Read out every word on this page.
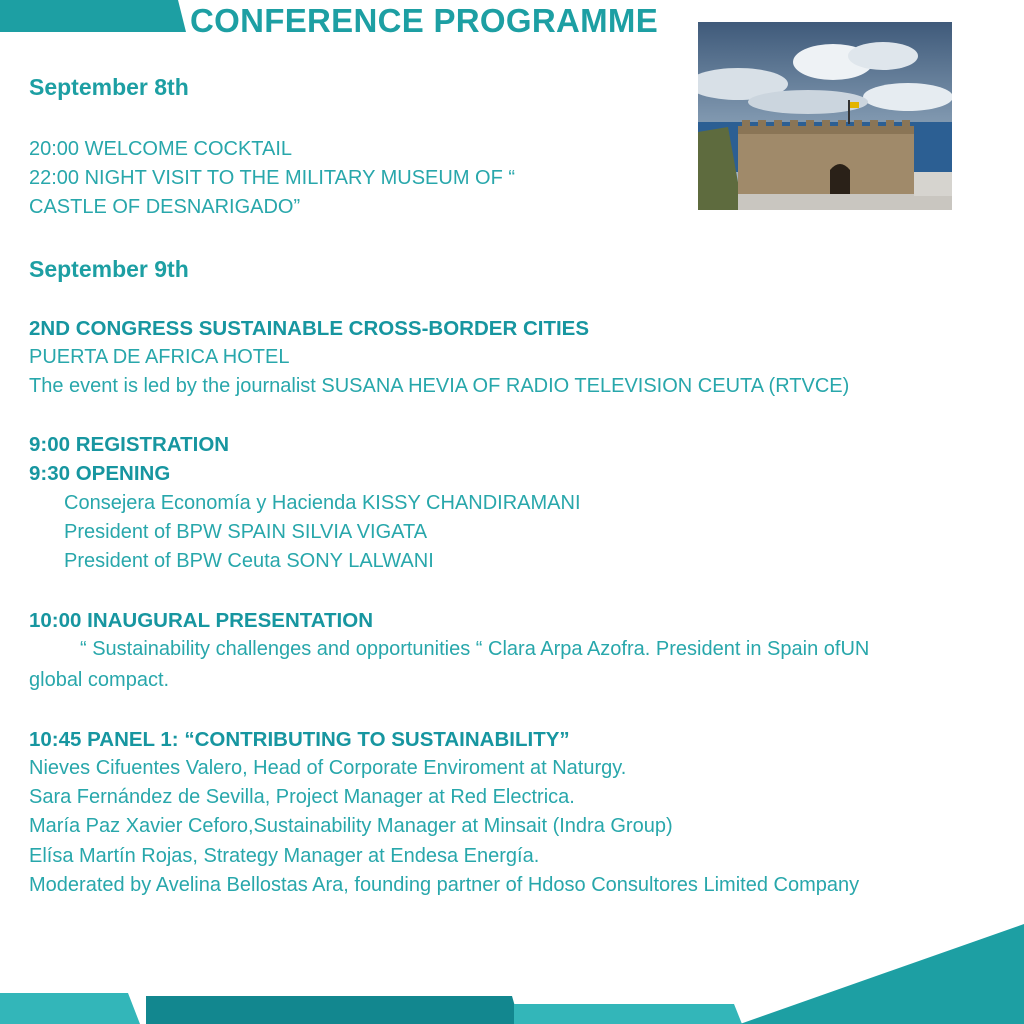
CONFERENCE PROGRAMME
September 8th
20:00 WELCOME COCKTAIL
22:00 NIGHT VISIT TO THE MILITARY MUSEUM OF “
CASTLE OF DESNARIGADO”
September 9th
2ND CONGRESS SUSTAINABLE CROSS-BORDER CITIES
PUERTA DE AFRICA HOTEL
The event is led by the journalist SUSANA HEVIA OF RADIO TELEVISION CEUTA (RTVCE)
9:00 REGISTRATION
9:30 OPENING
Consejera Economía y Hacienda KISSY CHANDIRAMANI
President of BPW SPAIN SILVIA VIGATA
President of BPW Ceuta SONY LALWANI
10:00 INAUGURAL PRESENTATION
“ Sustainability challenges and opportunities “ Clara Arpa Azofra. President in Spain ofUN
global compact.
10:45 PANEL 1: “CONTRIBUTING TO SUSTAINABILITY”
Nieves Cifuentes Valero, Head of Corporate Enviroment at Naturgy.
Sara Fernández de Sevilla, Project Manager at Red Electrica.
María Paz Xavier Ceforo,Sustainability Manager at Minsait (Indra Group)
Elísa Martín Rojas, Strategy Manager at Endesa Energía.
Moderated by Avelina Bellostas Ara, founding partner of Hdoso Consultores Limited Company
